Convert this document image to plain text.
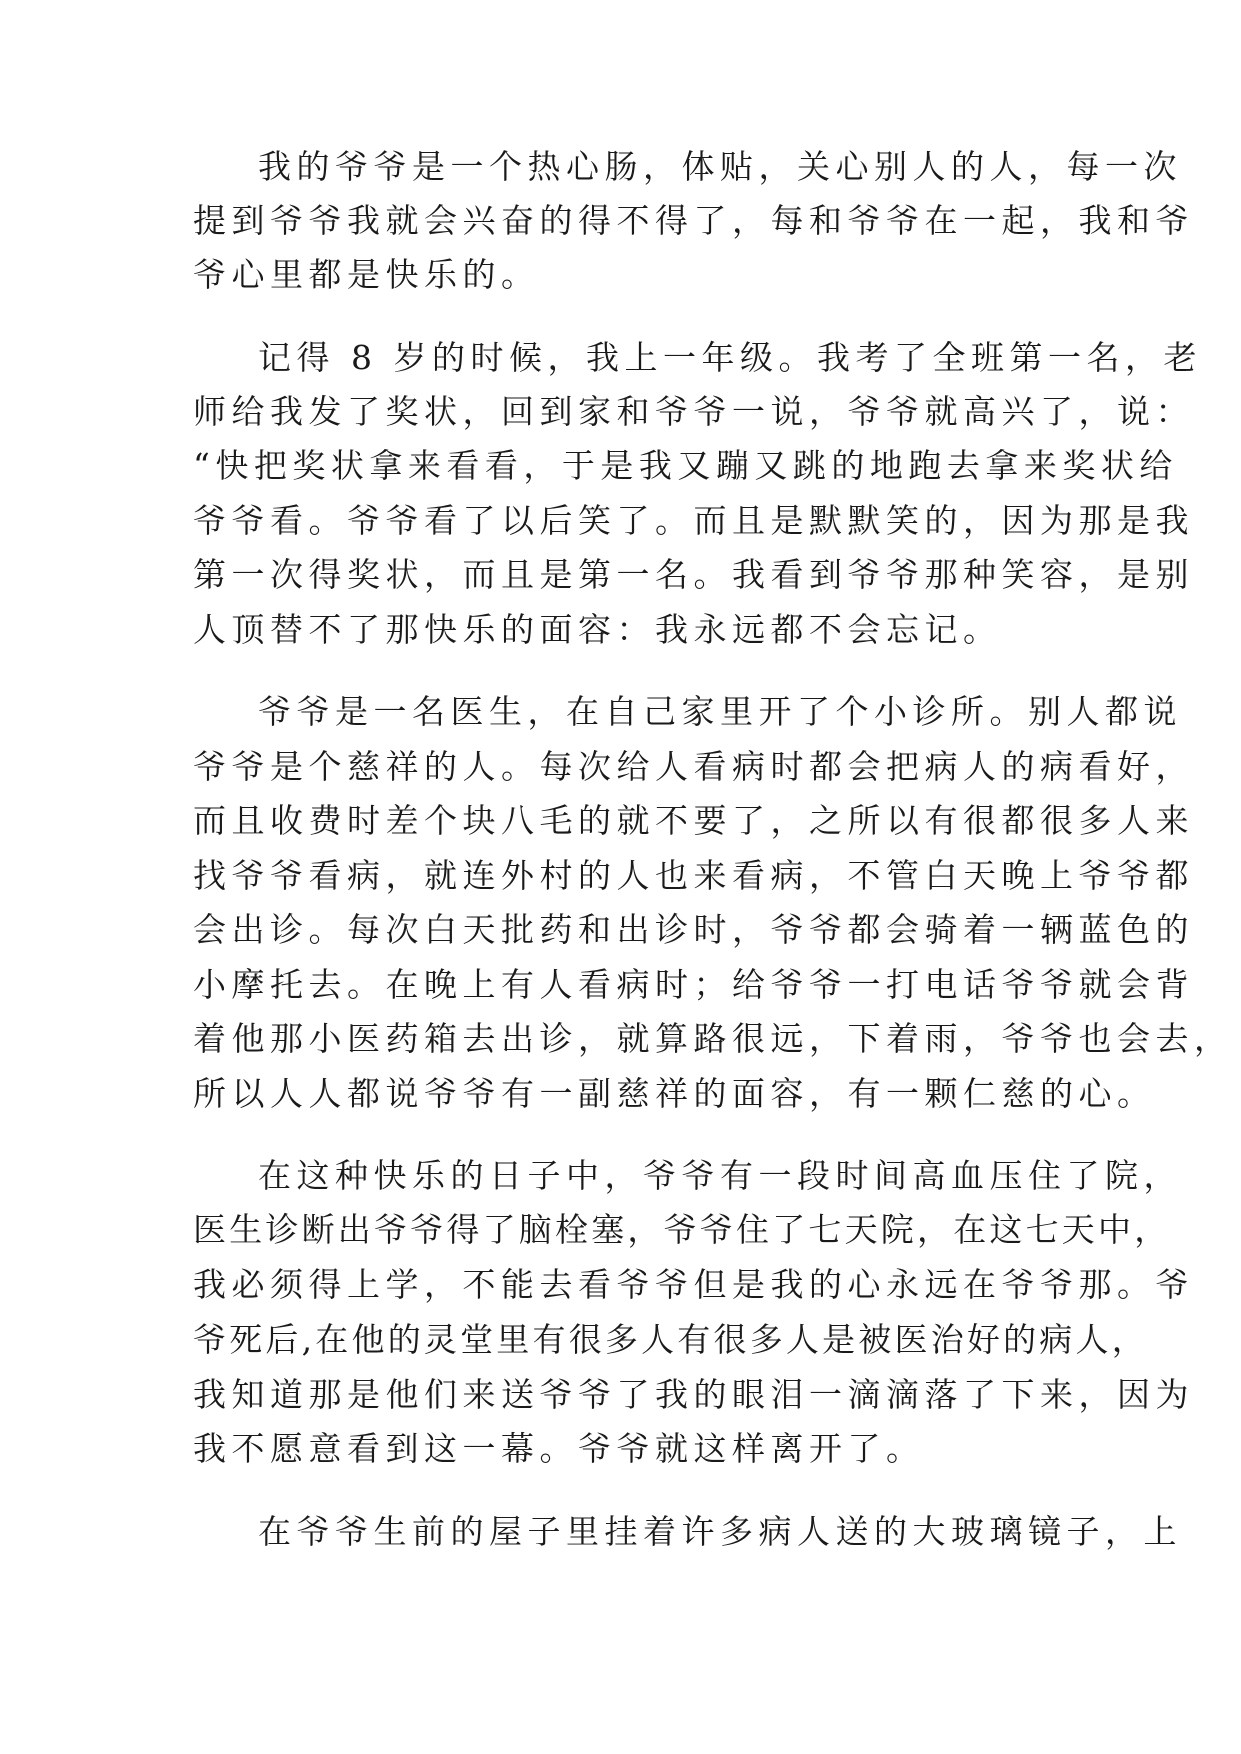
我的爷爷是一个热心肠，体贴，关心别人的人，每一次
提到爷爷我就会兴奋的得不得了，每和爷爷在一起，我和爷
爷心里都是快乐的。
记得 8 岁的时候，我上一年级。我考了全班第一名，老
师给我发了奖状，回到家和爷爷一说，爷爷就高兴了，说：
“快把奖状拿来看看，于是我又蹦又跳的地跑去拿来奖状给
爷爷看。爷爷看了以后笑了。而且是默默笑的，因为那是我
第一次得奖状，而且是第一名。我看到爷爷那种笑容，是别
人顶替不了那快乐的面容：我永远都不会忘记。
爷爷是一名医生，在自己家里开了个小诊所。别人都说
爷爷是个慈祥的人。每次给人看病时都会把病人的病看好，
而且收费时差个块八毛的就不要了，之所以有很都很多人来
找爷爷看病，就连外村的人也来看病，不管白天晚上爷爷都
会出诊。每次白天批药和出诊时，爷爷都会骑着一辆蓝色的
小摩托去。在晚上有人看病时；给爷爷一打电话爷爷就会背
着他那小医药箱去出诊，就算路很远，下着雨，爷爷也会去，
所以人人都说爷爷有一副慈祥的面容，有一颗仁慈的心。
在这种快乐的日子中，爷爷有一段时间高血压住了院，
医生诊断出爷爷得了脑栓塞，爷爷住了七天院，在这七天中，
我必须得上学，不能去看爷爷但是我的心永远在爷爷那。爷
爷死后,在他的灵堂里有很多人有很多人是被医治好的病人，
我知道那是他们来送爷爷了我的眼泪一滴滴落了下来，因为
我不愿意看到这一幕。爷爷就这样离开了。
在爷爷生前的屋子里挂着许多病人送的大玻璃镜子，上
